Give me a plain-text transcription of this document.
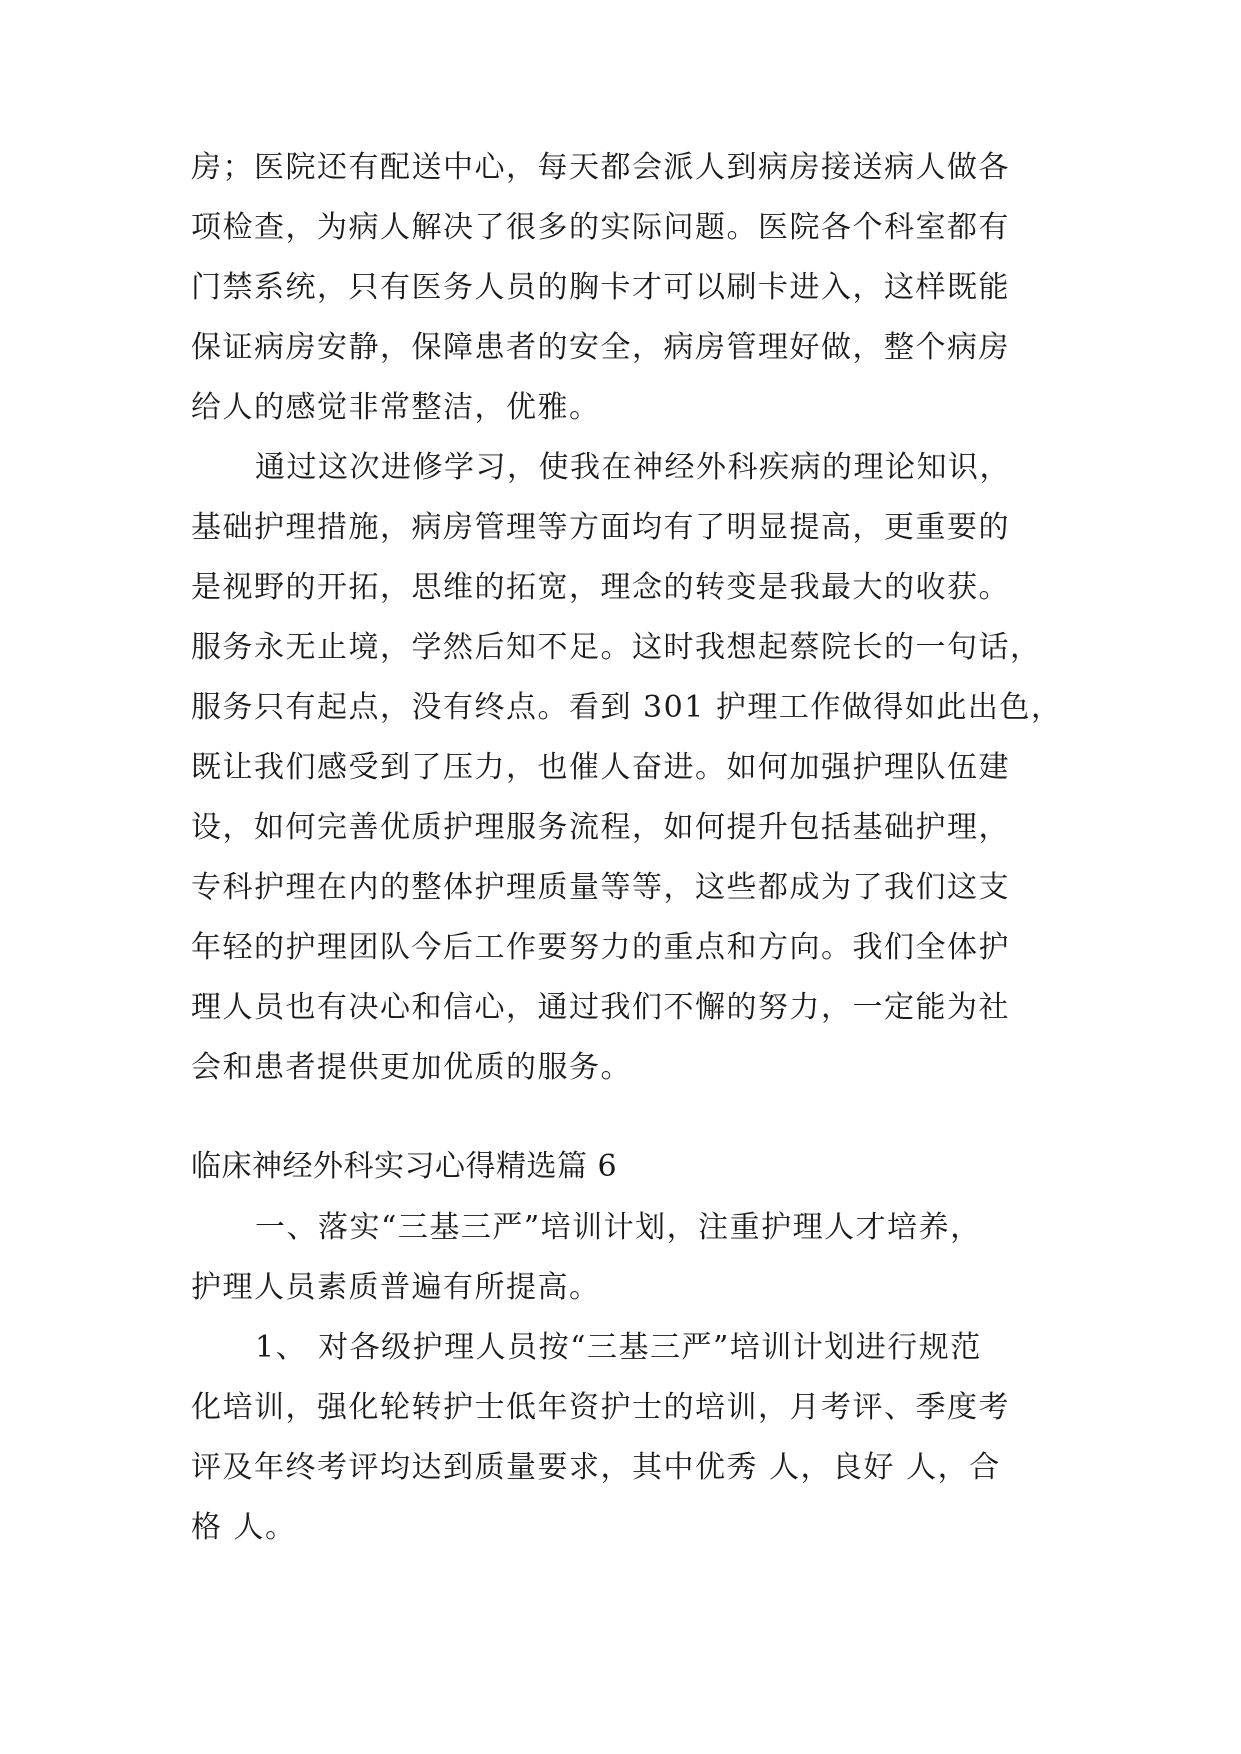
房；医院还有配送中心，每天都会派人到病房接送病人做各

项检查，为病人解决了很多的实际问题。医院各个科室都有

门禁系统，只有医务人员的胸卡才可以刷卡进入，这样既能

保证病房安静，保障患者的安全，病房管理好做，整个病房

给人的感觉非常整洁，优雅。

通过这次进修学习，使我在神经外科疾病的理论知识，

基础护理措施，病房管理等方面均有了明显提高，更重要的

是视野的开拓，思维的拓宽，理念的转变是我最大的收获。

服务永无止境，学然后知不足。这时我想起蔡院长的一句话，

服务只有起点，没有终点。看到 301 护理工作做得如此出色，

既让我们感受到了压力，也催人奋进。如何加强护理队伍建

设，如何完善优质护理服务流程，如何提升包括基础护理，

专科护理在内的整体护理质量等等，这些都成为了我们这支

年轻的护理团队今后工作要努力的重点和方向。我们全体护

理人员也有决心和信心，通过我们不懈的努力，一定能为社

会和患者提供更加优质的服务。

临床神经外科实习心得精选篇 6

一、落实“三基三严”培训计划，注重护理人才培养，

护理人员素质普遍有所提高。

1、 对各级护理人员按“三基三严”培训计划进行规范

化培训，强化轮转护士低年资护士的培训，月考评、季度考

评及年终考评均达到质量要求，其中优秀 人，良好 人，合

格 人。
